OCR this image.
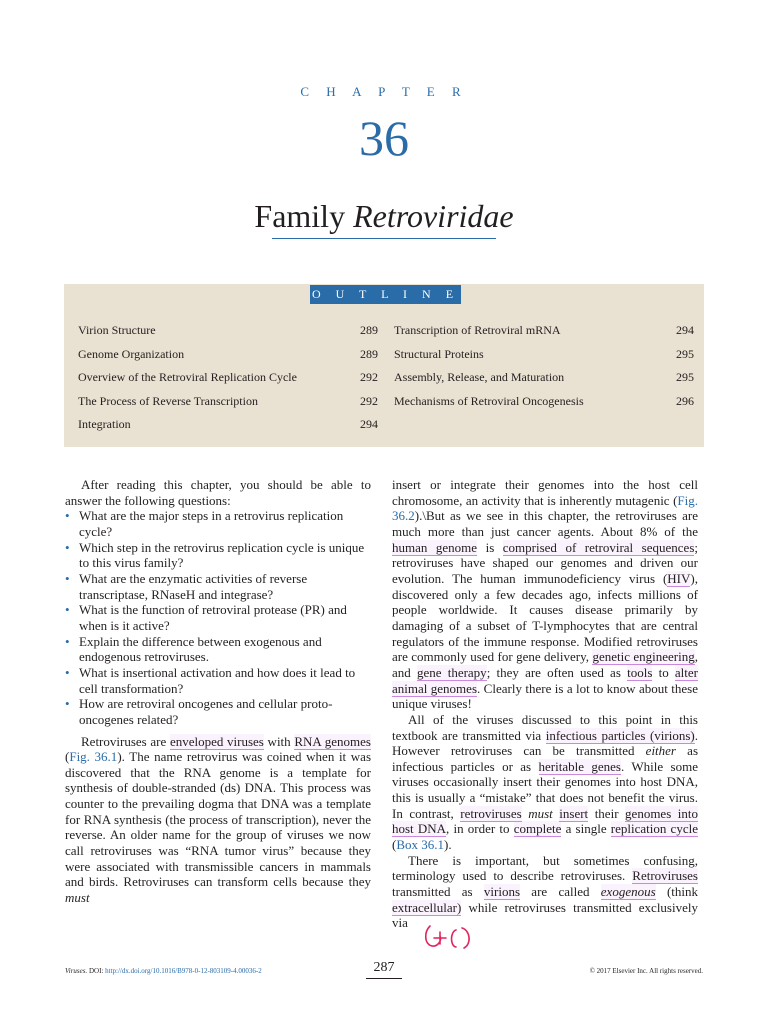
C H A P T E R
36
Family Retroviridae
O U T L I N E
Virion Structure	289
Genome Organization	289
Overview of the Retroviral Replication Cycle	292
The Process of Reverse Transcription	292
Integration	294
Transcription of Retroviral mRNA	294
Structural Proteins	295
Assembly, Release, and Maturation	295
Mechanisms of Retroviral Oncogenesis	296

After reading this chapter, you should be able to answer the following questions:

• What are the major steps in a retrovirus replication cycle?
• Which step in the retrovirus replication cycle is unique to this virus family?
• What are the enzymatic activities of reverse transcriptase, RNaseH and integrase?
• What is the function of retroviral protease (PR) and when is it active?
• Explain the difference between exogenous and endogenous retroviruses.
• What is insertional activation and how does it lead to cell transformation?
• How are retroviral oncogenes and cellular proto-oncogenes related?

Retroviruses are enveloped viruses with RNA genomes (Fig. 36.1). The name retrovirus was coined when it was discovered that the RNA genome is a template for synthesis of double-stranded (ds) DNA. This process was counter to the prevailing dogma that DNA was a template for RNA synthesis (the process of transcription), never the reverse. An older name for the group of viruses we now call retroviruses was “RNA tumor virus” because they were associated with transmissible cancers in mammals and birds. Retroviruses can transform cells because they must

insert or integrate their genomes into the host cell chromosome, an activity that is inherently mutagenic (Fig. 36.2).\But as we see in this chapter, the retroviruses are much more than just cancer agents. About 8% of the human genome is comprised of retroviral sequences; retroviruses have shaped our genomes and driven our evolution. The human immunodeficiency virus (HIV), discovered only a few decades ago, infects millions of people worldwide. It causes disease primarily by damaging of a subset of T-lymphocytes that are central regulators of the immune response. Modified retroviruses are commonly used for gene delivery, genetic engineering, and gene therapy; they are often used as tools to alter animal genomes. Clearly there is a lot to know about these unique viruses!

All of the viruses discussed to this point in this textbook are transmitted via infectious particles (virions). However retroviruses can be transmitted either as infectious particles or as heritable genes. While some viruses occasionally insert their genomes into host DNA, this is usually a “mistake” that does not benefit the virus. In contrast, retroviruses must insert their genomes into host DNA, in order to complete a single replication cycle (Box 36.1).

There is important, but sometimes confusing, terminology used to describe retroviruses. Retroviruses transmitted as virions are called exogenous (think extracellular) while retroviruses transmitted exclusively via

Viruses. DOI: http://dx.doi.org/10.1016/B978-0-12-803109-4.00036-2	287	© 2017 Elsevier Inc. All rights reserved.
